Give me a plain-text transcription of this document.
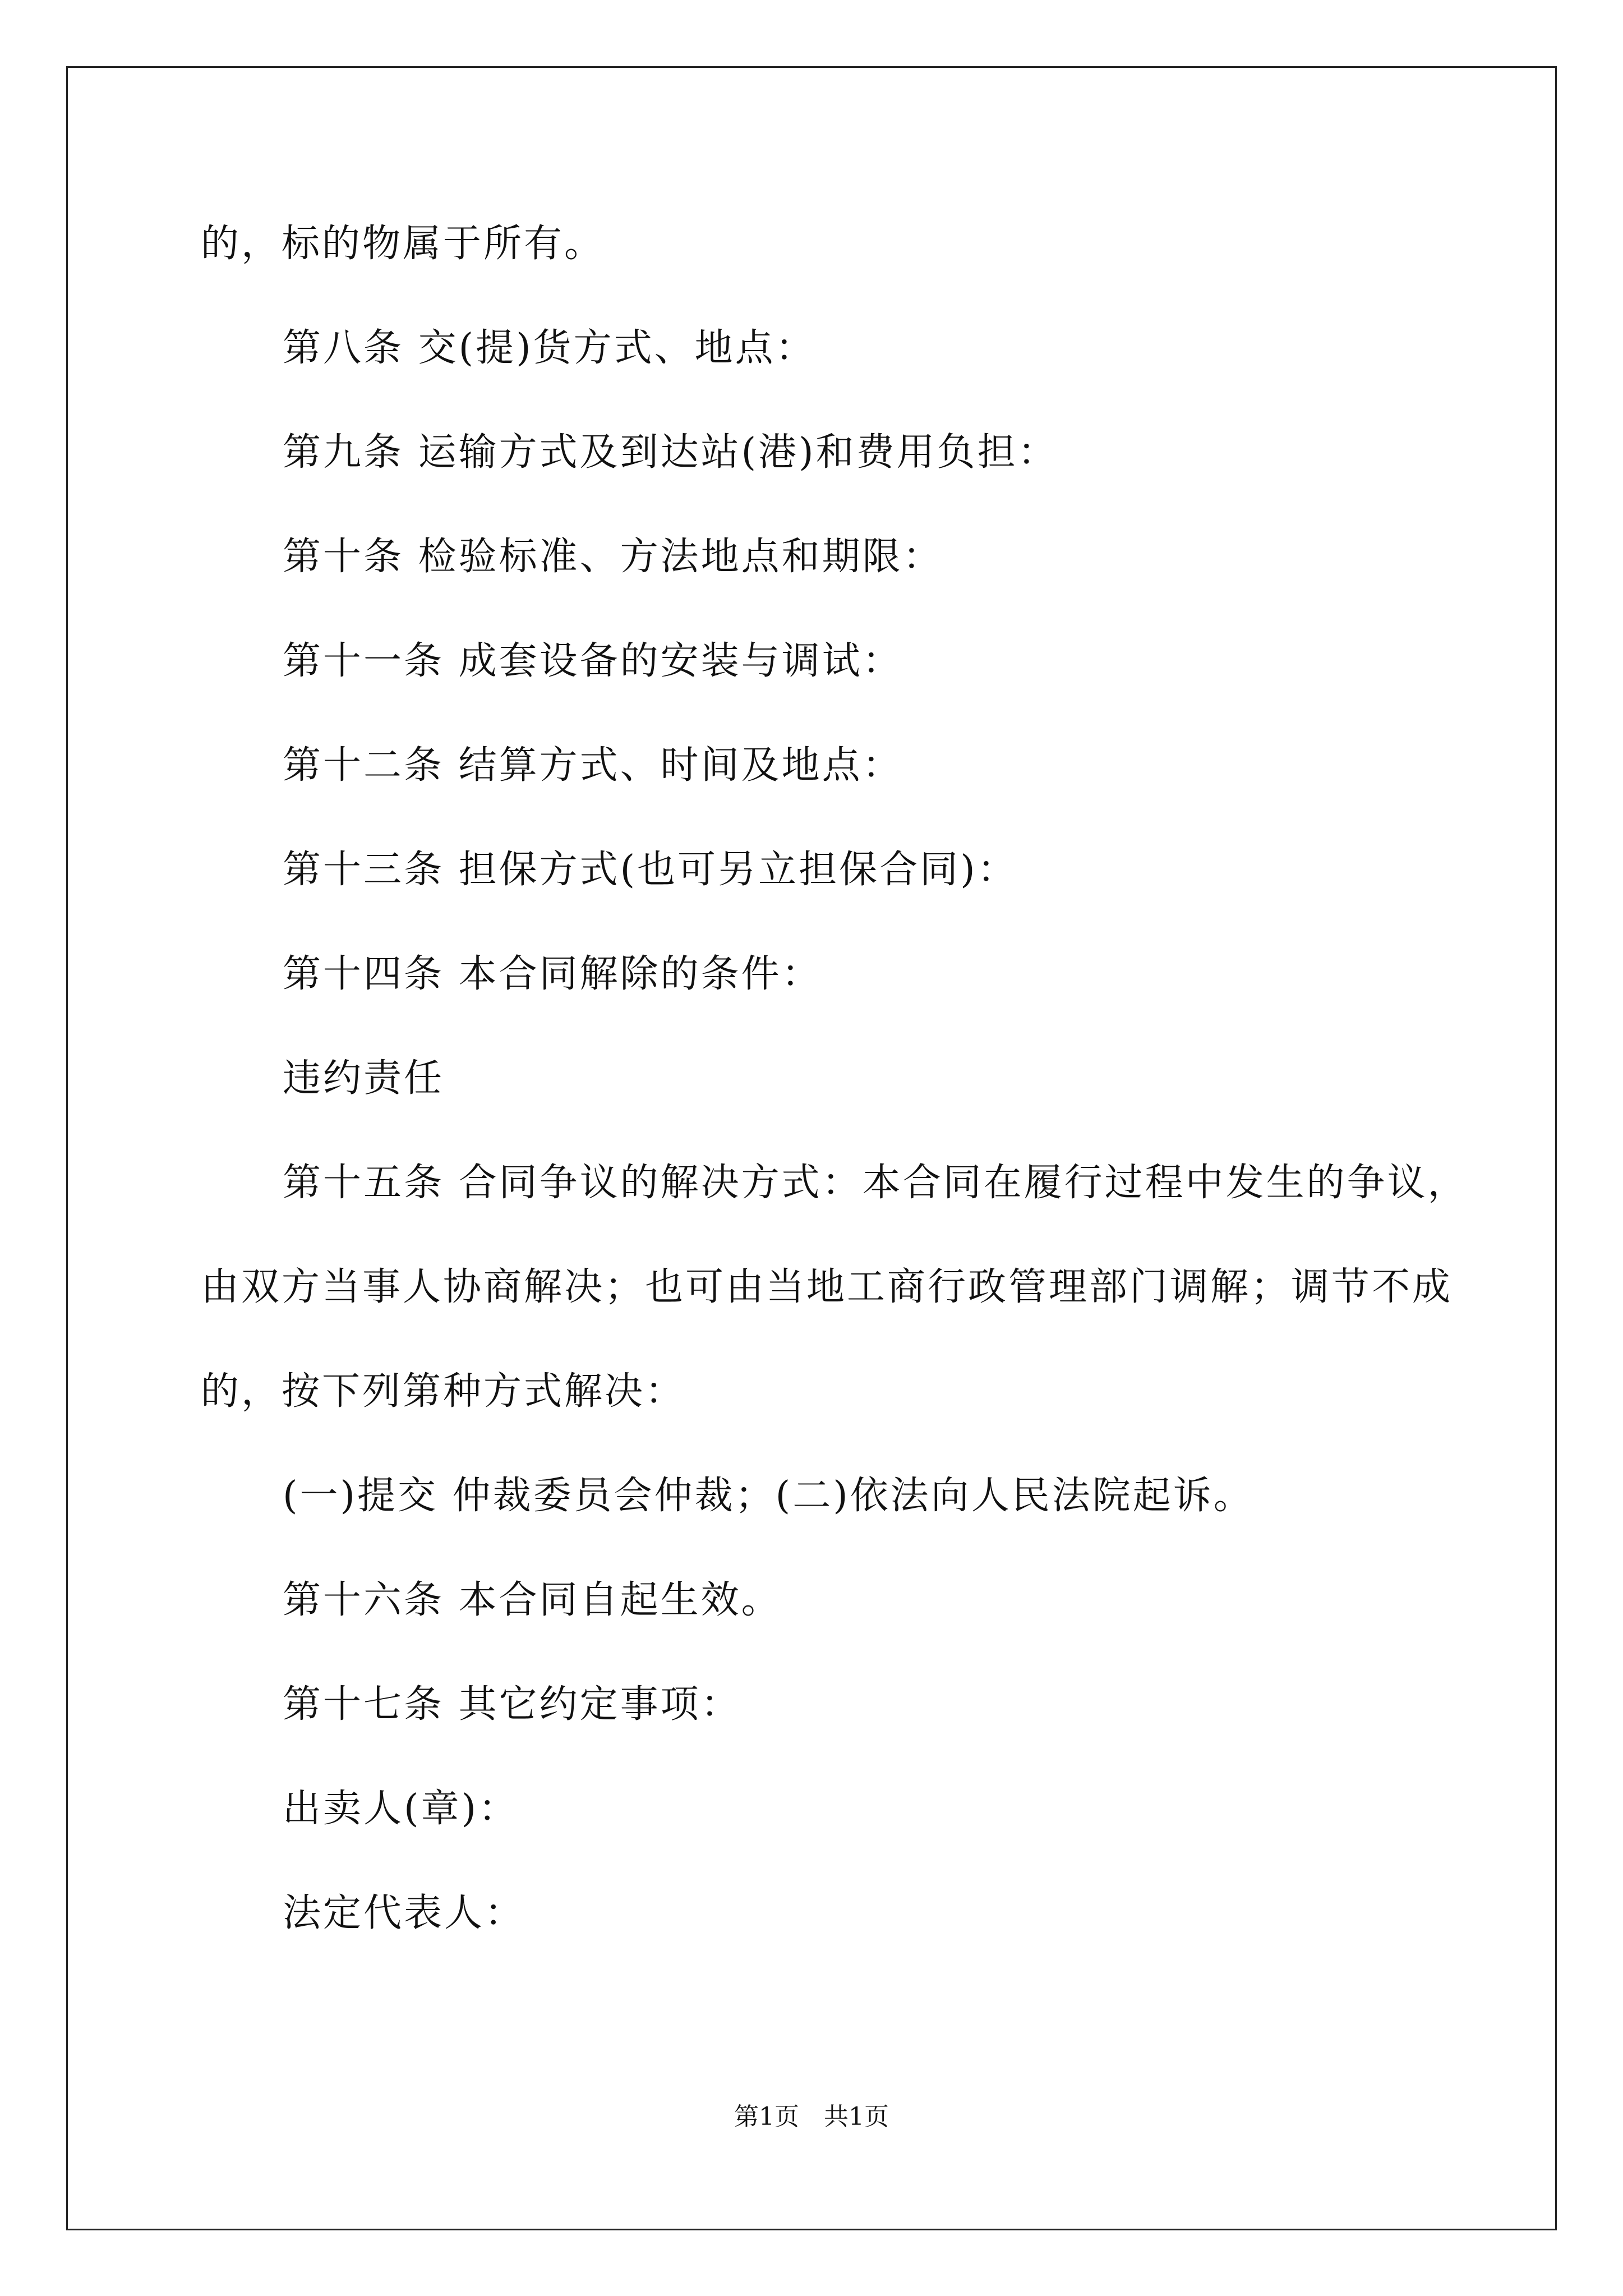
的，标的物属于所有。
第八条 交(提)货方式、地点：
第九条 运输方式及到达站(港)和费用负担：
第十条 检验标准、方法地点和期限：
第十一条 成套设备的安装与调试：
第十二条 结算方式、时间及地点：
第十三条 担保方式(也可另立担保合同)：
第十四条 本合同解除的条件：
违约责任
第十五条 合同争议的解决方式：本合同在履行过程中发生的争议，
由双方当事人协商解决；也可由当地工商行政管理部门调解；调节不成
的，按下列第种方式解决：
(一)提交 仲裁委员会仲裁；(二)依法向人民法院起诉。
第十六条 本合同自起生效。
第十七条 其它约定事项：
出卖人(章)：
法定代表人：
第1页　共1页
